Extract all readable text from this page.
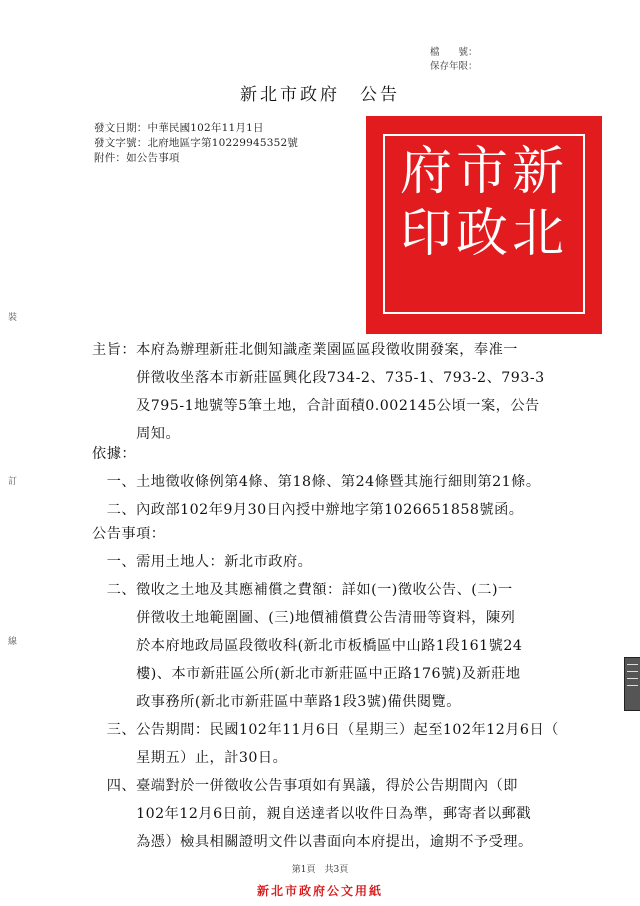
檔　　號：
保存年限：
新北市政府　公告
發文日期：中華民國102年11月1日
發文字號：北府地區字第10229945352號
附件：如公告事項
裝
訂
線
新
北
市
政
府
印
主旨：本府為辦理新莊北側知識產業園區區段徵收開發案，奉准一
　　　併徵收坐落本市新莊區興化段734-2、735-1、793-2、793-3
　　　及795-1地號等5筆土地，合計面積0.002145公頃一案，公告
　　　周知。
依據：
　一、土地徵收條例第4條、第18條、第24條暨其施行細則第21條。
　二、內政部102年9月30日內授中辦地字第1026651858號函。
公告事項：
　一、需用土地人：新北市政府。
　二、徵收之土地及其應補償之費額：詳如(一)徵收公告、(二)一
　　　併徵收土地範圍圖、(三)地價補償費公告清冊等資料，陳列
　　　於本府地政局區段徵收科(新北市板橋區中山路1段161號24
　　　樓)、本市新莊區公所(新北市新莊區中正路176號)及新莊地
　　　政事務所(新北市新莊區中華路1段3號)備供閱覽。
　三、公告期間：民國102年11月6日（星期三）起至102年12月6日（
　　　星期五）止，計30日。
　四、臺端對於一併徵收公告事項如有異議，得於公告期間內（即
　　　102年12月6日前，親自送達者以收件日為準，郵寄者以郵戳
　　　為憑）檢具相關證明文件以書面向本府提出，逾期不予受理。
第1頁　共3頁
新北市政府公文用紙
